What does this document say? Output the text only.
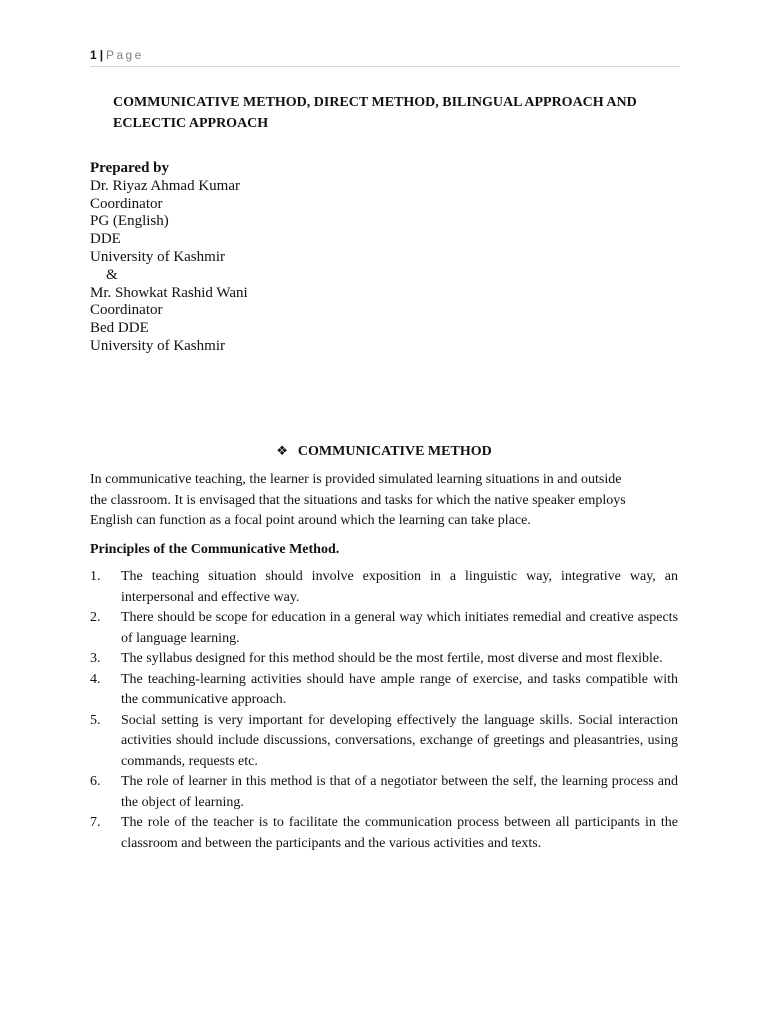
1 | Page
COMMUNICATIVE METHOD, DIRECT METHOD, BILINGUAL APPROACH AND
ECLECTIC APPROACH
Prepared by
Dr. Riyaz Ahmad Kumar
Coordinator
PG (English)
DDE
University of Kashmir
&
Mr. Showkat Rashid Wani
Coordinator
Bed DDE
University of Kashmir
❖ COMMUNICATIVE METHOD
In communicative teaching, the learner is provided simulated learning situations in and outside
the classroom. It is envisaged that the situations and tasks for which the native speaker employs
English can function as a focal point around which the learning can take place.
Principles of the Communicative Method.
1. The teaching situation should involve exposition in a linguistic way, integrative way, an interpersonal and effective way.
2. There should be scope for education in a general way which initiates remedial and creative aspects of language learning.
3. The syllabus designed for this method should be the most fertile, most diverse and most flexible.
4. The teaching-learning activities should have ample range of exercise, and tasks compatible with the communicative approach.
5. Social setting is very important for developing effectively the language skills. Social interaction activities should include discussions, conversations, exchange of greetings and pleasantries, using commands, requests etc.
6. The role of learner in this method is that of a negotiator between the self, the learning process and the object of learning.
7. The role of the teacher is to facilitate the communication process between all participants in the classroom and between the participants and the various activities and texts.
